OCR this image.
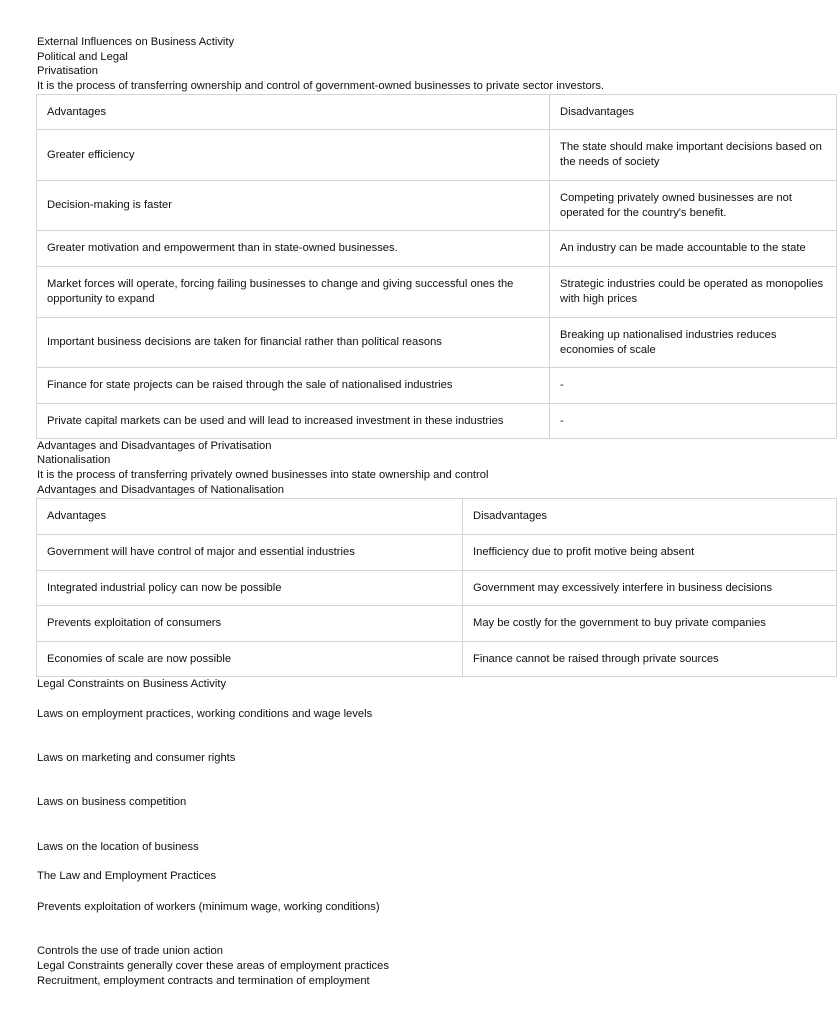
External Influences on Business Activity
Political and Legal
Privatisation
It is the process of transferring ownership and control of government-owned businesses to private sector investors.
Advantages	Disadvantages
Greater efficiency	The state should make important decisions based on the needs of society
Decision-making is faster	Competing privately owned businesses are not operated for the country's benefit.
Greater motivation and empowerment than in state-owned businesses.	An industry can be made accountable to the state
Market forces will operate, forcing failing businesses to change and giving successful ones the opportunity to expand	Strategic industries could be operated as monopolies with high prices
Important business decisions are taken for financial rather than political reasons	Breaking up nationalised industries reduces economies of scale
Finance for state projects can be raised through the sale of nationalised industries	-
Private capital markets can be used and will lead to increased investment in these industries	-
Advantages and Disadvantages of Privatisation
Nationalisation
It is the process of transferring privately owned businesses into state ownership and control
Advantages and Disadvantages of Nationalisation
Advantages	Disadvantages
Government will have control of major and essential industries	Inefficiency due to profit motive being absent
Integrated industrial policy can now be possible	Government may excessively interfere in business decisions
Prevents exploitation of consumers	May be costly for the government to buy private companies
Economies of scale are now possible	Finance cannot be raised through private sources
Legal Constraints on Business Activity
Laws on employment practices, working conditions and wage levels
Laws on marketing and consumer rights
Laws on business competition
Laws on the location of business
The Law and Employment Practices
Prevents exploitation of workers (minimum wage, working conditions)
Controls the use of trade union action
Legal Constraints generally cover these areas of employment practices
Recruitment, employment contracts and termination of employment
